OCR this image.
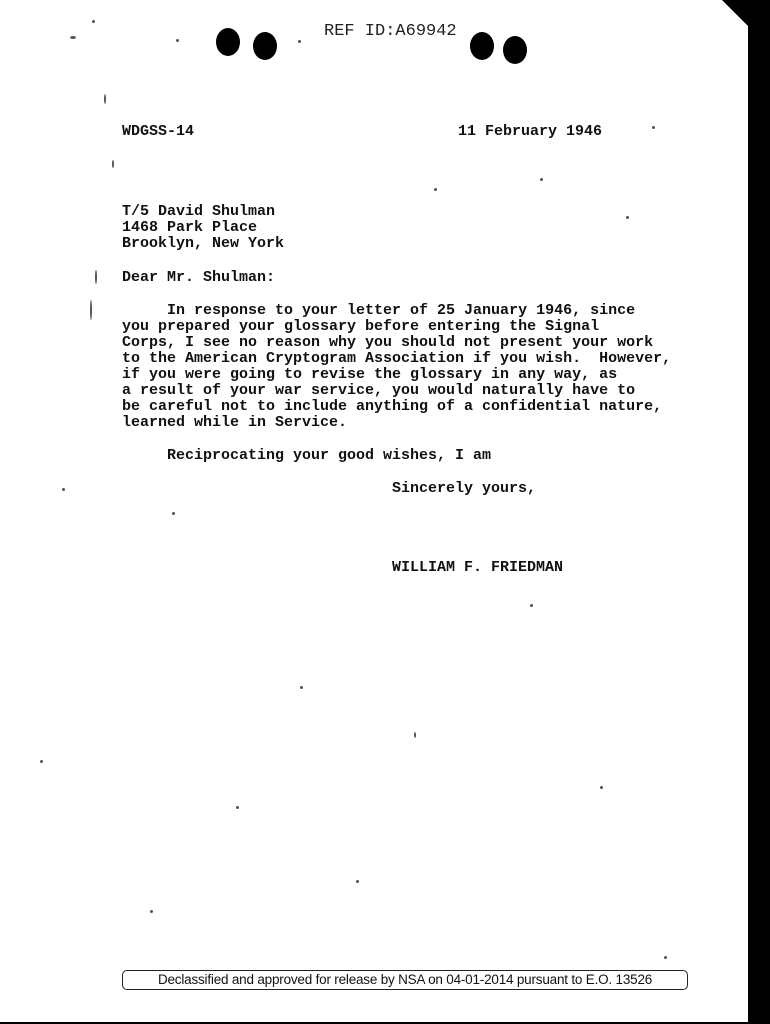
REF ID:A69942
WDGSS-14	11 February 1946
T/5 David Shulman
1468 Park Place
Brooklyn, New York
Dear Mr. Shulman:
In response to your letter of 25 January 1946, since
you prepared your glossary before entering the Signal
Corps, I see no reason why you should not present your work
to the American Cryptogram Association if you wish.  However,
if you were going to revise the glossary in any way, as
a result of your war service, you would naturally have to
be careful not to include anything of a confidential nature,
learned while in Service.
Reciprocating your good wishes, I am
Sincerely yours,
WILLIAM F. FRIEDMAN
Declassified and approved for release by NSA on 04-01-2014 pursuant to E.O. 13526
